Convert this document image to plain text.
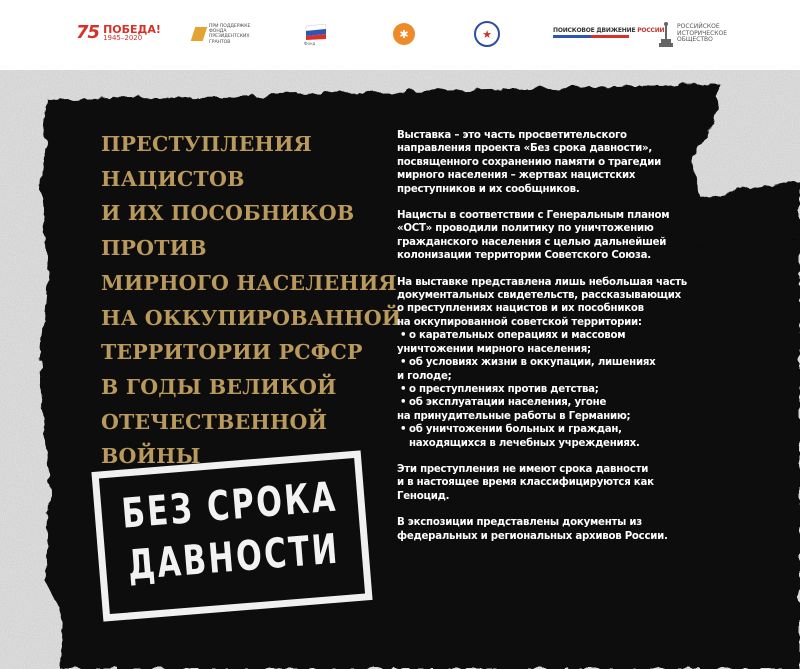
75 ПОБЕДА!
1945–2020
ПРИ ПОДДЕРЖКЕ
ФОНДА
ПРЕЗИДЕНТСКИХ
ГРАНТОВ	Фонд
✱	★	ПОИСКОВОЕ ДВИЖЕНИЕ РОССИИ
РОССИЙСКОЕ
ИСТОРИЧЕСКОЕ
ОБЩЕСТВО
ПРЕСТУПЛЕНИЯ
НАЦИСТОВ
И ИХ ПОСОБНИКОВ
ПРОТИВ
МИРНОГО НАСЕЛЕНИЯ
НА ОККУПИРОВАННОЙ
ТЕРРИТОРИИ РСФСР
В ГОДЫ ВЕЛИКОЙ
ОТЕЧЕСТВЕННОЙ
ВОЙНЫ
БЕЗ СРОКА
ДАВНОСТИ

Выставка – это часть просветительского
направления проекта «Без срока давности»,
посвященного сохранению памяти о трагедии
мирного населения – жертвах нацистских
преступников и их сообщников.

Нацисты в соответствии с Генеральным планом
«ОСТ» проводили политику по уничтожению
гражданского населения с целью дальнейшей
колонизации территории Советского Союза.

На выставке представлена лишь небольшая часть
документальных свидетельств, рассказывающих
о преступлениях нацистов и их пособников
на оккупированной советской территории:

• о карательных операциях и массовом
уничтожении мирного населения;
• об условиях жизни в оккупации, лишениях
и голоде;
• о преступлениях против детства;
• об эксплуатации населения, угоне
на принудительные работы в Германию;
• об уничтожении больных и граждан,
находящихся в лечебных учреждениях.

Эти преступления не имеют срока давности
и в настоящее время классифицируются как
Геноцид.

В экспозиции представлены документы из
федеральных и региональных архивов России.
